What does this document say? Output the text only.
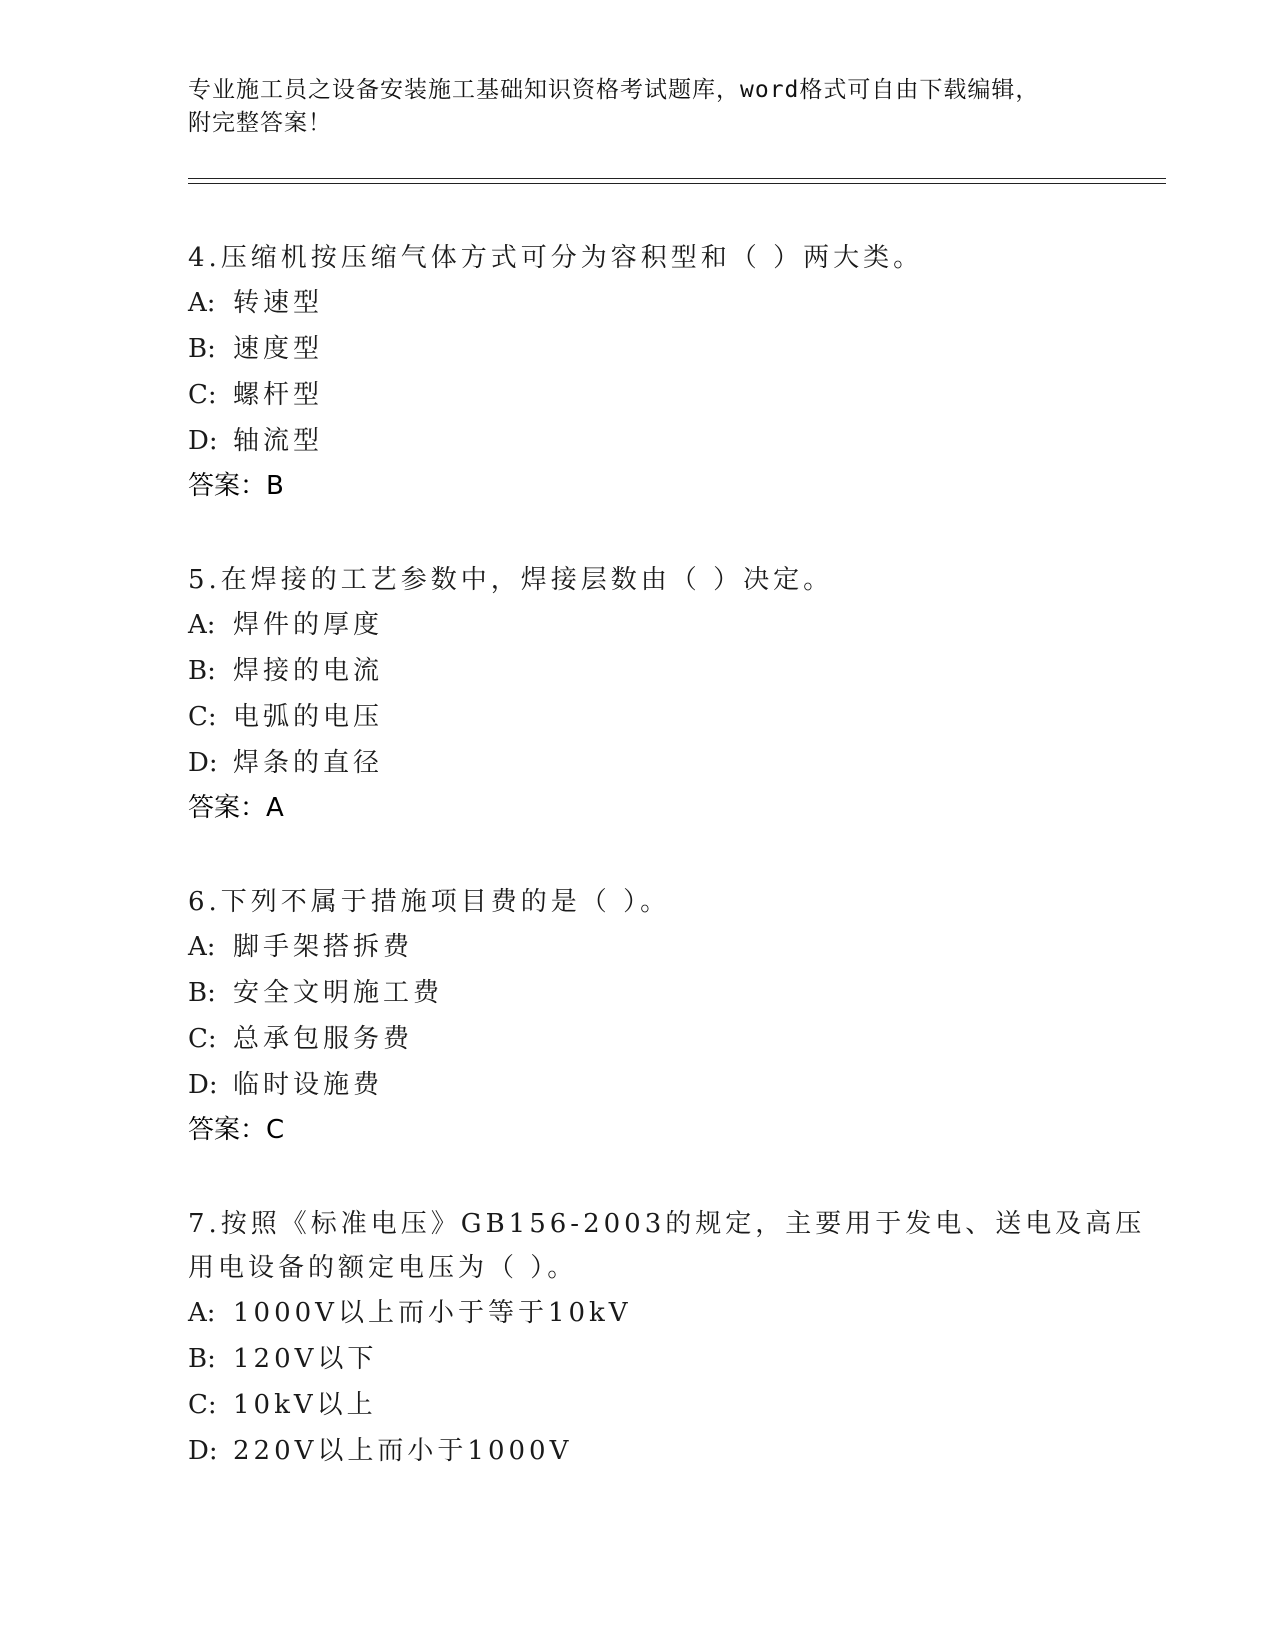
专业施工员之设备安装施工基础知识资格考试题库，word格式可自由下载编辑，
附完整答案！
4.压缩机按压缩气体方式可分为容积型和（ ）两大类。
A: 转速型
B: 速度型
C: 螺杆型
D: 轴流型
答案：B
5.在焊接的工艺参数中，焊接层数由（ ）决定。
A: 焊件的厚度
B: 焊接的电流
C: 电弧的电压
D: 焊条的直径
答案：A
6.下列不属于措施项目费的是（ ）。
A: 脚手架搭拆费
B: 安全文明施工费
C: 总承包服务费
D: 临时设施费
答案：C
7.按照《标准电压》GB156-2003的规定，主要用于发电、送电及高压
用电设备的额定电压为（ ）。
A: 1000V以上而小于等于10kV
B: 120V以下
C: 10kV以上
D: 220V以上而小于1000V
